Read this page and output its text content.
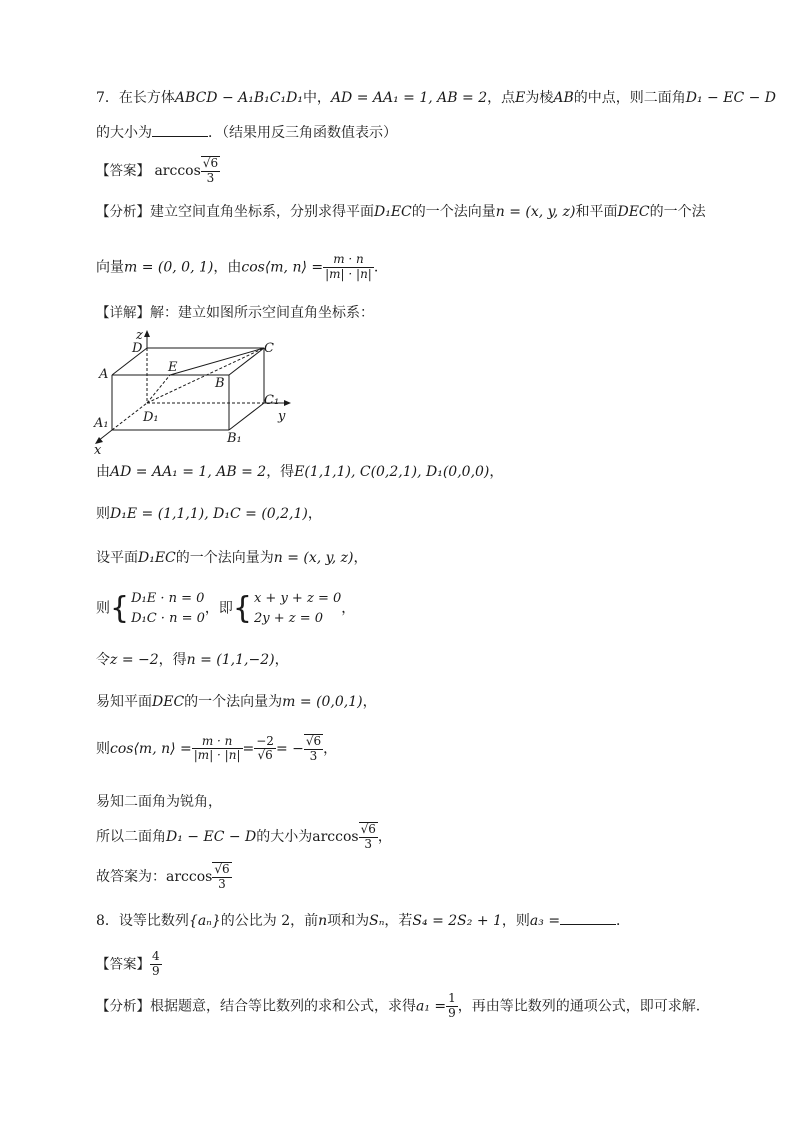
7．在长方体ABCD − A₁B₁C₁D₁中，AD = AA₁ = 1, AB = 2，点E为棱AB的中点，则二面角D₁ − EC − D
的大小为	．（结果用反三角函数值表示）
【答案】 $\arccos \frac{√6}{3}$
【分析】建立空间直角坐标系，分别求得平面D₁EC的一个法向量n = (x, y, z)和平面DEC的一个法
向量m = (0, 0, 1)，由cos⟨m, n⟩ = $\frac{m \cdot n}{|m| \cdot |n|}$ .
【详解】解：建立如图所示空间直角坐标系：
z
D	C
A	E
B
C₁
y
D₁
A₁
B₁
x
由AD = AA₁ = 1, AB = 2，得E(1,1,1), C(0,2,1), D₁(0,0,0)，
则D₁E = (1,1,1), D₁C = (0,2,1)，
设平面D₁EC的一个法向量为n = (x, y, z)，
则{ D₁E · n = 0
D₁C · n = 0，即{ x + y + z = 0
2y + z = 0，
令z = −2，得n = (1,1,−2)，
易知平面DEC的一个法向量为m = (0,0,1)，
则cos⟨m, n⟩ = $\frac{m \cdot n}{|m| \cdot |n|} = \frac{-2}{√6}$ = − $\frac{√6}{3}$ ，
易知二面角为锐角，
所以二面角D₁ − EC − D的大小为$\arccos \frac{√6}{3}$ ，
故答案为：$\arccos \frac{√6}{3}$
8．设等比数列{aₙ}的公比为 2，前n项和为Sₙ，若S₄ = 2S₂ + 1，则a₃ =	．
【答案】 $\frac{4}{9}$
【分析】根据题意，结合等比数列的求和公式，求得$a_1 = \frac{1}{9}$ ，再由等比数列的通项公式，即可求解.
